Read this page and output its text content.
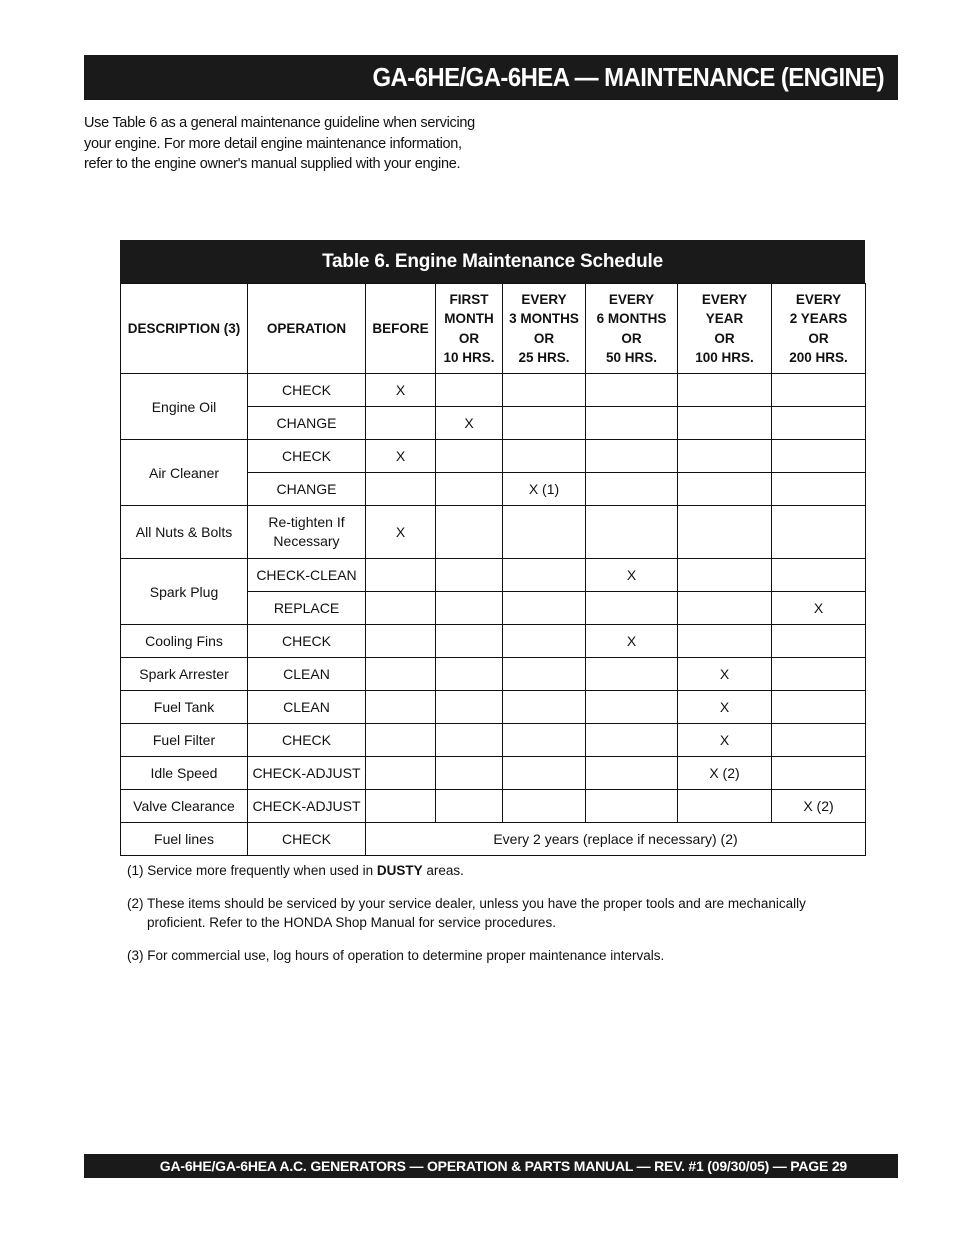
GA-6HE/GA-6HEA — MAINTENANCE (ENGINE)

Use Table 6 as a general maintenance guideline when servicing

your engine. For more detail engine maintenance information,

refer to the engine owner's manual supplied with your engine.

Table 6. Engine Maintenance Schedule
DESCRIPTION (3)	OPERATION	BEFORE	FIRST
MONTH
OR
10 HRS.	EVERY
3 MONTHS
OR
25 HRS.	EVERY
6 MONTHS
OR
50 HRS.	EVERY
YEAR
OR
100 HRS.	EVERY
2 YEARS
OR
200 HRS.

Engine Oil	CHECK	X					
	CHANGE		X				
Air Cleaner	CHECK	X					
	CHANGE			X (1)			
All Nuts & Bolts	Re-tighten If
Necessary	X					
Spark Plug	CHECK-CLEAN				X		
	REPLACE						X
Cooling Fins	CHECK				X		
Spark Arrester	CLEAN					X	
Fuel Tank	CLEAN					X	
Fuel Filter	CHECK					X	
Idle Speed	CHECK-ADJUST					X (2)	
Valve Clearance	CHECK-ADJUST						X (2)
Fuel lines	CHECK	Every 2 years (replace if necessary) (2)					

(1) Service more frequently when used in DUSTY areas.

(2) These items should be serviced by your service dealer, unless you have the proper tools and are mechanically
proficient. Refer to the HONDA Shop Manual for service procedures.

(3) For commercial use, log hours of operation to determine proper maintenance intervals.

GA-6HE/GA-6HEA A.C. GENERATORS — OPERATION & PARTS MANUAL — REV. #1 (09/30/05) — PAGE 29
